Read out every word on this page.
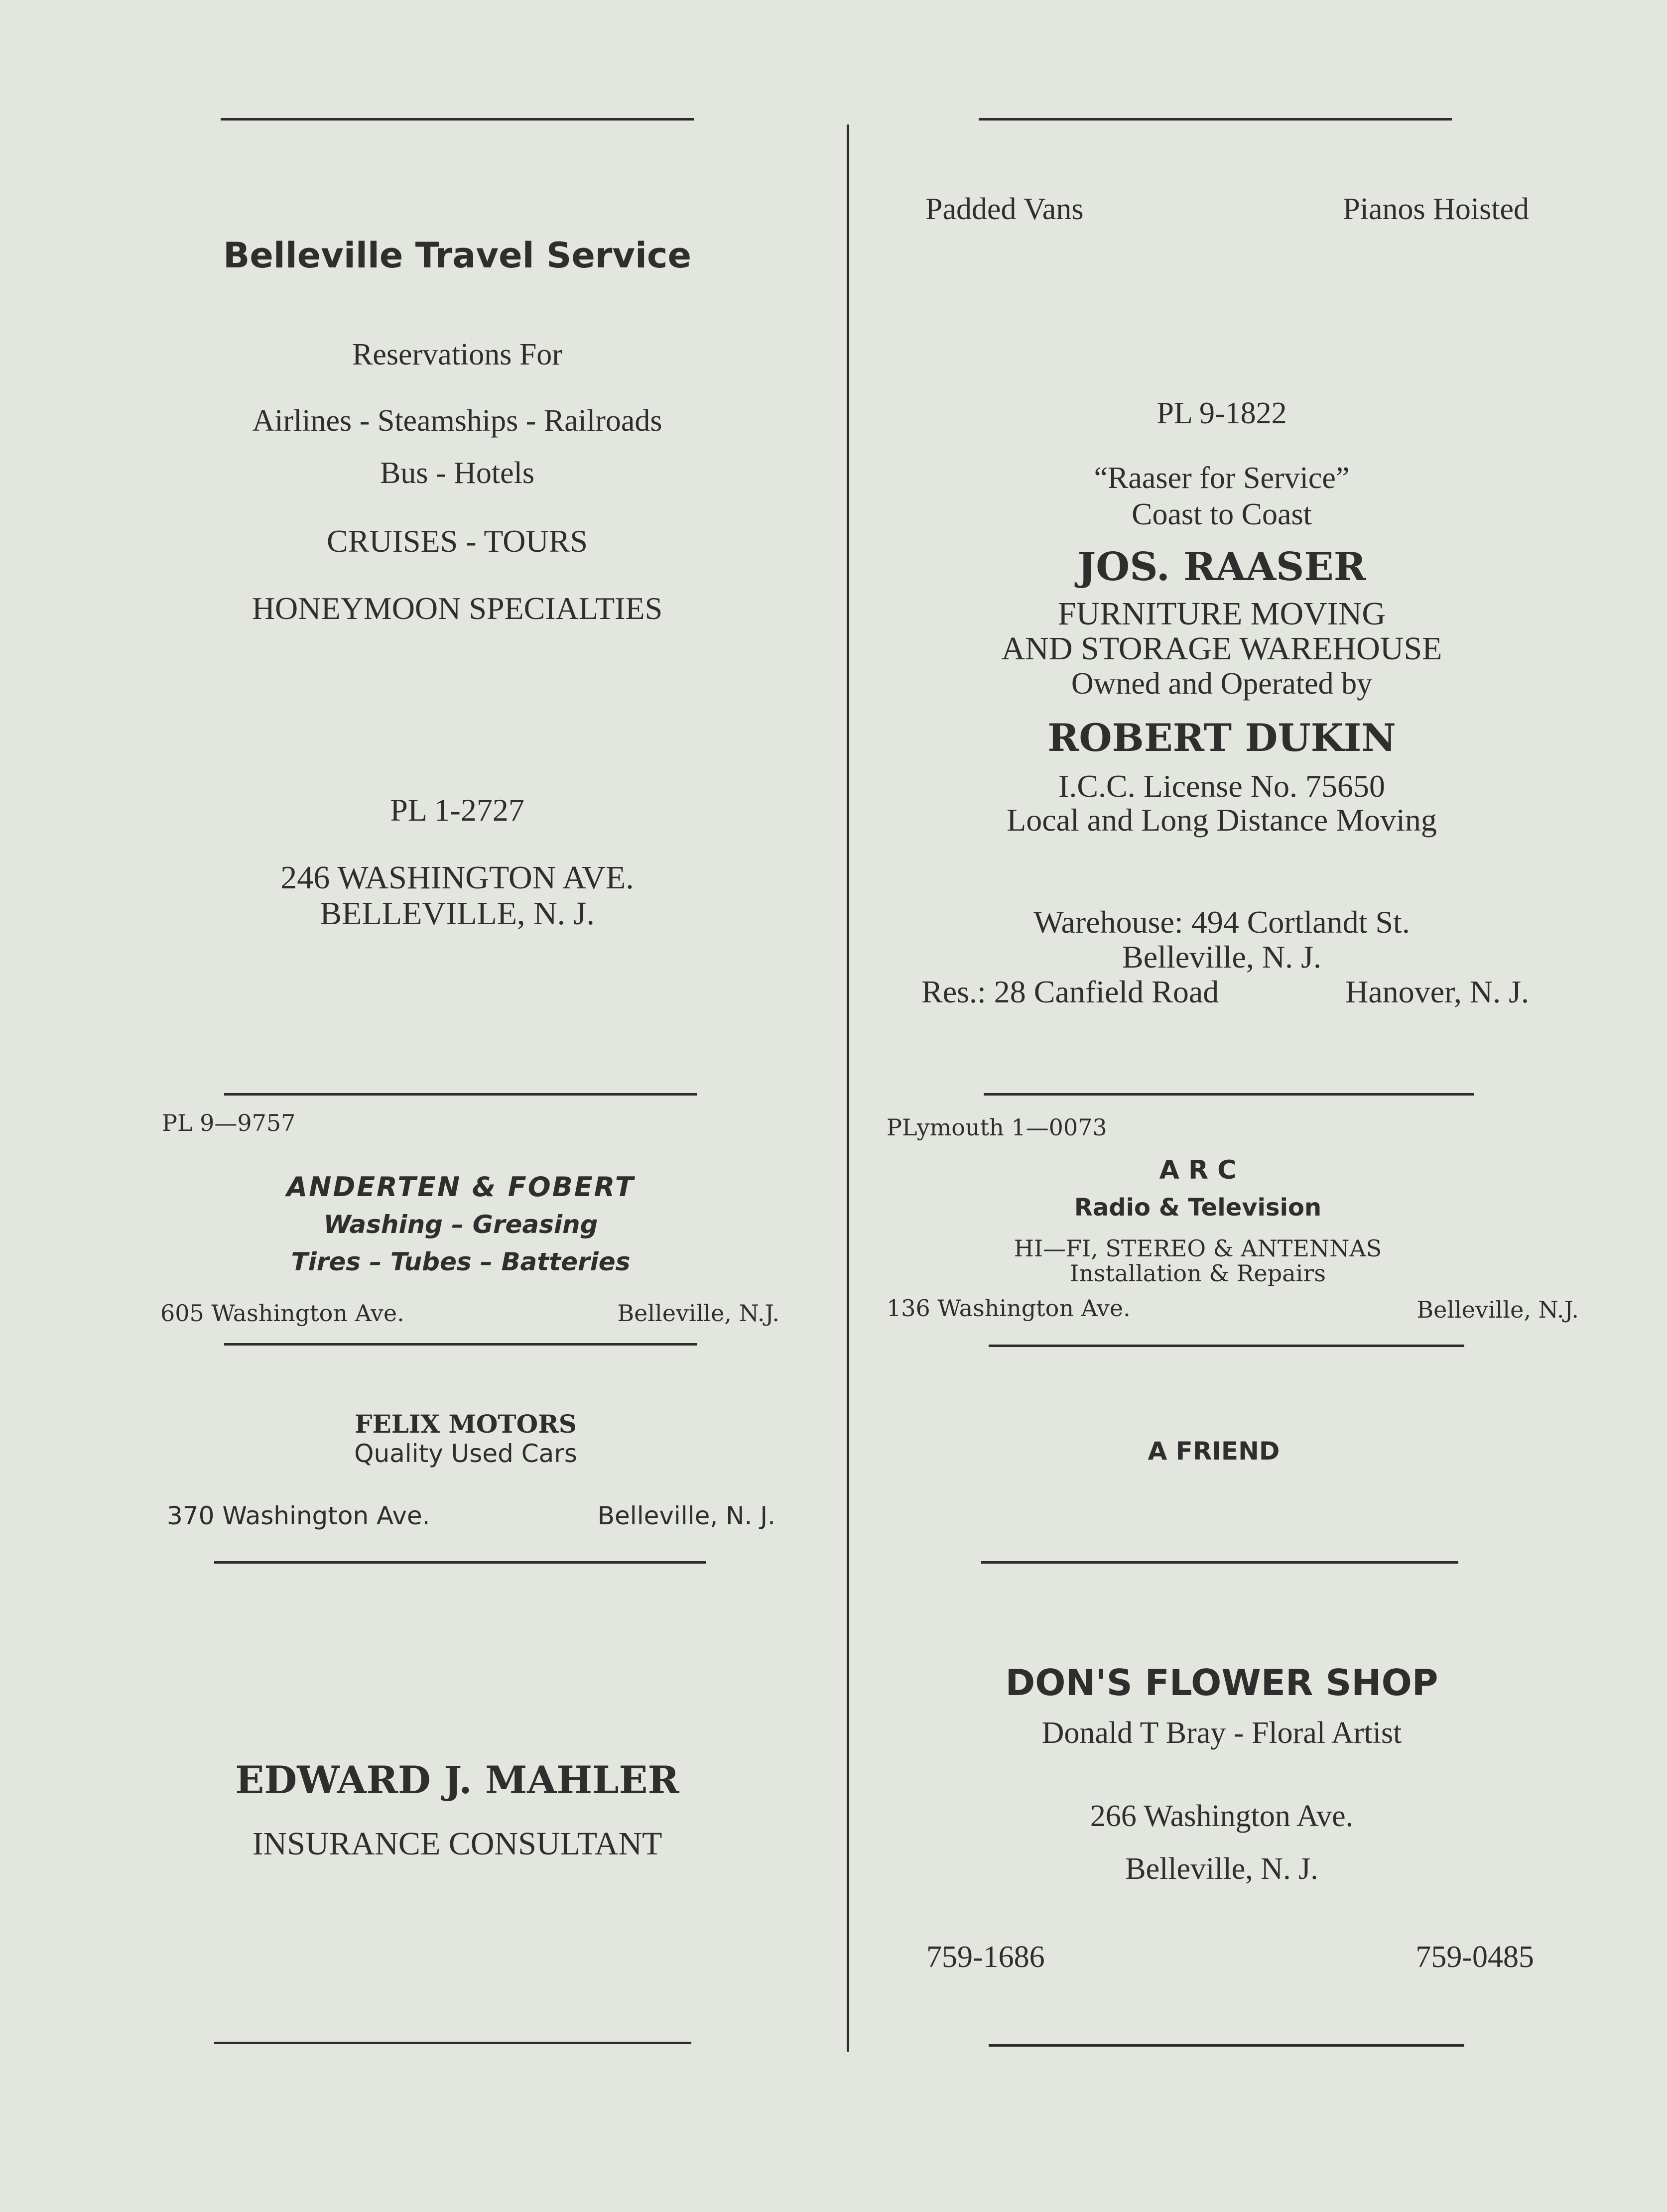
Belleville Travel Service
Reservations For
Airlines - Steamships - Railroads
Bus - Hotels
CRUISES - TOURS
HONEYMOON SPECIALTIES
PL 1-2727
246 WASHINGTON AVE.
BELLEVILLE, N. J.
PL 9—9757
ANDERTEN & FOBERT
Washing – Greasing
Tires – Tubes – Batteries
605 Washington Ave.	Belleville, N.J.
FELIX MOTORS
Quality Used Cars
370 Washington Ave.	Belleville, N. J.
EDWARD J. MAHLER
INSURANCE CONSULTANT
Padded Vans	Pianos Hoisted
PL 9-1822
“Raaser for Service”
Coast to Coast
JOS. RAASER
FURNITURE MOVING
AND STORAGE WAREHOUSE
Owned and Operated by
ROBERT DUKIN
I.C.C. License No. 75650
Local and Long Distance Moving
Warehouse: 494 Cortlandt St.
Belleville, N. J.
Res.: 28 Canfield Road	Hanover, N. J.
PLymouth 1—0073
A R C
Radio & Television
HI—FI, STEREO & ANTENNAS
Installation & Repairs
136 Washington Ave.	Belleville, N.J.
A FRIEND
DON'S FLOWER SHOP
Donald T Bray - Floral Artist
266 Washington Ave.
Belleville, N. J.
759-1686	759-0485
